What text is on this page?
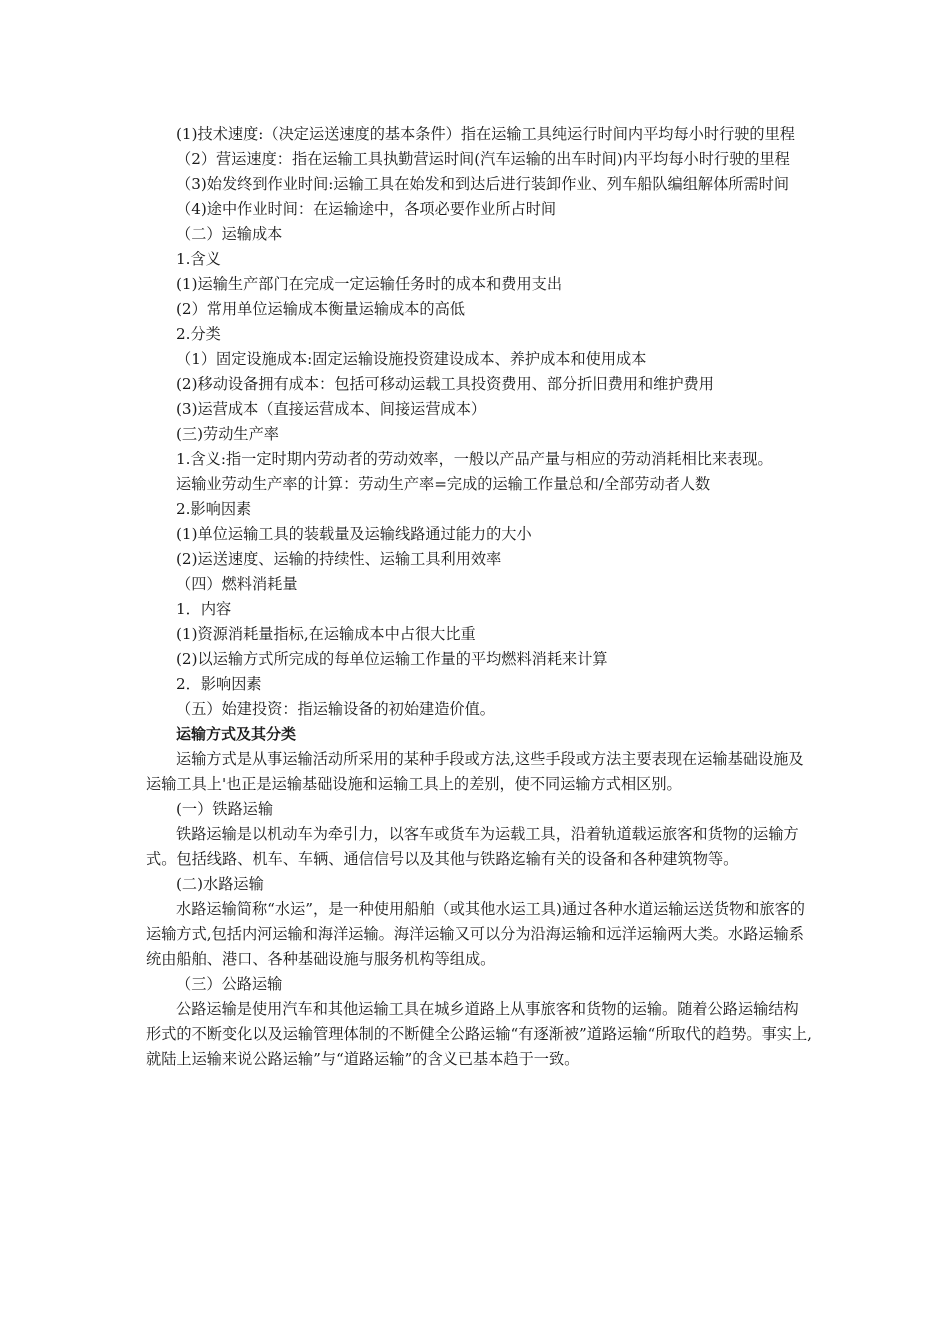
(1)技术速度:（决定运送速度的基本条件）指在运输工具纯运行时间内平均每小时行驶的里程

（2）营运速度：指在运输工具执勤营运时间(汽车运输的出车时间)内平均每小时行驶的里程

（3)始发终到作业时间:运输工具在始发和到达后进行装卸作业、列车船队编组解体所需时间

（4)途中作业时间：在运输途中，各项必要作业所占时间

（二）运输成本

1.含义

(1)运输生产部门在完成一定运输任务时的成本和费用支出

(2）常用单位运输成本衡量运输成本的高低

2.分类

（1）固定设施成本:固定运输设施投资建设成本、养护成本和使用成本

(2)移动设备拥有成本：包括可移动运载工具投资费用、部分折旧费用和维护费用

(3)运营成本（直接运营成本、间接运营成本）

(三)劳动生产率

1.含义:指一定时期内劳动者的劳动效率，一般以产品产量与相应的劳动消耗相比来表现。

运输业劳动生产率的计算：劳动生产率=完成的运输工作量总和/全部劳动者人数

2.影响因素

(1)单位运输工具的装载量及运输线路通过能力的大小

(2)运送速度、运输的持续性、运输工具利用效率

（四）燃料消耗量

1．内容

(1)资源消耗量指标,在运输成本中占很大比重

(2)以运输方式所完成的每单位运输工作量的平均燃料消耗来计算

2．影响因素

（五）始建投资：指运输设备的初始建造价值。

运输方式及其分类

运输方式是从事运输活动所采用的某种手段或方法,这些手段或方法主要表现在运输基础设施及运输工具上'也正是运输基础设施和运输工具上的差别，使不同运输方式相区别。

(一）铁路运输

铁路运输是以机动车为牵引力，以客车或货车为运载工具，沿着轨道载运旅客和货物的运输方式。包括线路、机车、车辆、通信信号以及其他与铁路迄输有关的设备和各种建筑物等。

(二)水路运输

水路运输简称“水运”，是一种使用船舶（或其他水运工具)通过各种水道运输运送货物和旅客的运输方式,包括内河运输和海洋运输。海洋运输又可以分为沿海运输和远洋运输两大类。水路运输系统由船舶、港口、各种基础设施与服务机构等组成。

（三）公路运输

公路运输是使用汽车和其他运输工具在城乡道路上从事旅客和货物的运输。随着公路运输结构形式的不断变化以及运输管理体制的不断健全公路运输“有逐渐被”道路运输“所取代的趋势。事实上,就陆上运输来说公路运输”与“道路运输”的含义已基本趋于一致。
